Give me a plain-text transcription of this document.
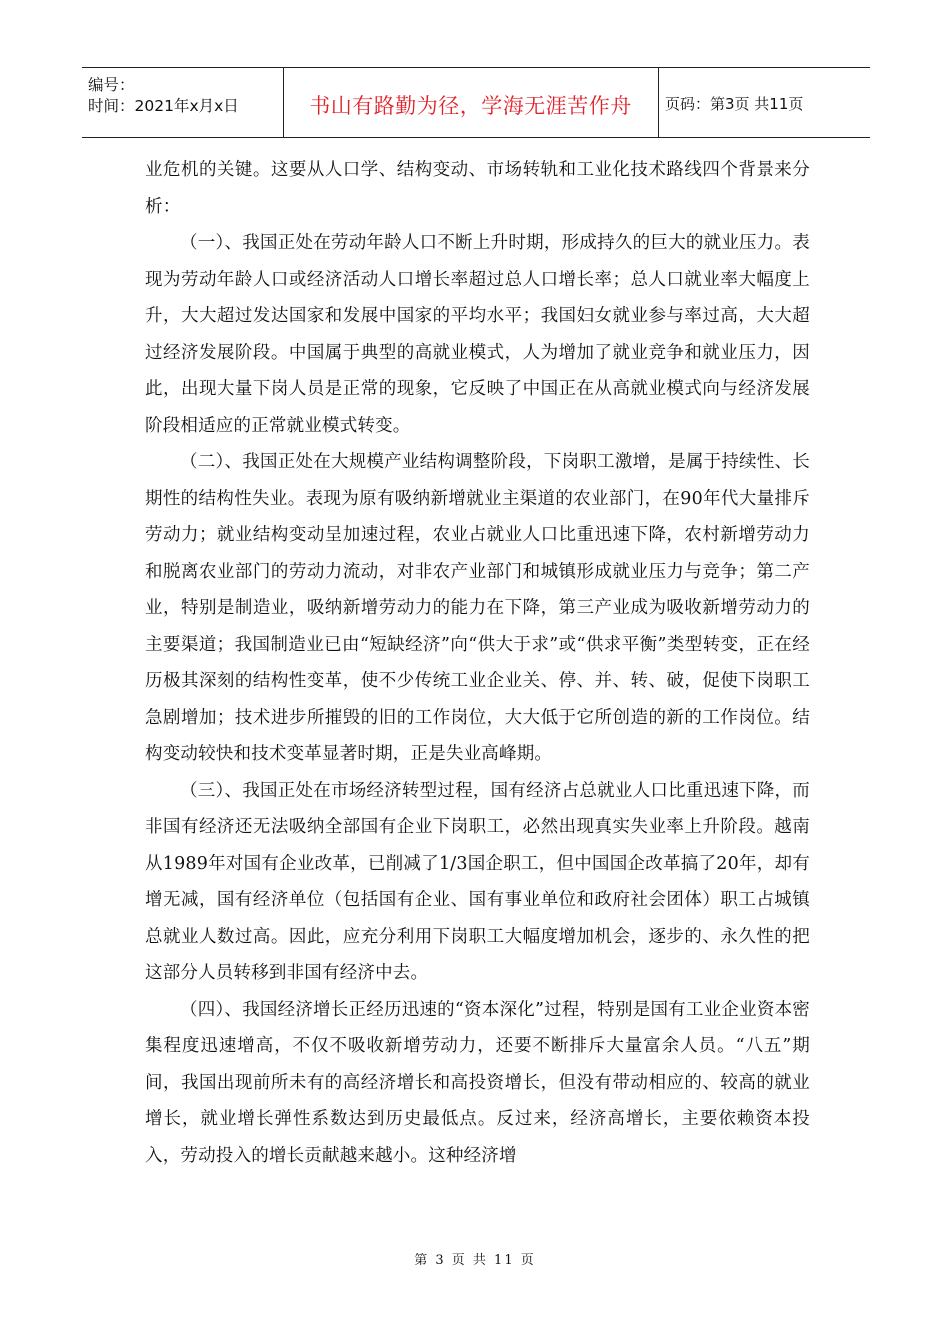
编号：
时间：2021年x月x日	书山有路勤为径，学海无涯苦作舟	页码：第3页 共11页

业危机的关键。这要从人口学、结构变动、市场转轨和工业化技术路线四个背景来分析：

（一）、我国正处在劳动年龄人口不断上升时期，形成持久的巨大的就业压力。表现为劳动年龄人口或经济活动人口增长率超过总人口增长率；总人口就业率大幅度上升，大大超过发达国家和发展中国家的平均水平；我国妇女就业参与率过高，大大超过经济发展阶段。中国属于典型的高就业模式，人为增加了就业竞争和就业压力，因此，出现大量下岗人员是正常的现象，它反映了中国正在从高就业模式向与经济发展阶段相适应的正常就业模式转变。

（二）、我国正处在大规模产业结构调整阶段，下岗职工激增，是属于持续性、长期性的结构性失业。表现为原有吸纳新增就业主渠道的农业部门，在90年代大量排斥劳动力；就业结构变动呈加速过程，农业占就业人口比重迅速下降，农村新增劳动力和脱离农业部门的劳动力流动，对非农产业部门和城镇形成就业压力与竞争；第二产业，特别是制造业，吸纳新增劳动力的能力在下降，第三产业成为吸收新增劳动力的主要渠道；我国制造业已由“短缺经济”向“供大于求”或“供求平衡”类型转变，正在经历极其深刻的结构性变革，使不少传统工业企业关、停、并、转、破，促使下岗职工急剧增加；技术进步所摧毁的旧的工作岗位，大大低于它所创造的新的工作岗位。结构变动较快和技术变革显著时期，正是失业高峰期。

（三）、我国正处在市场经济转型过程，国有经济占总就业人口比重迅速下降，而非国有经济还无法吸纳全部国有企业下岗职工，必然出现真实失业率上升阶段。越南从1989年对国有企业改革，已削减了1/3国企职工，但中国国企改革搞了20年，却有增无减，国有经济单位（包括国有企业、国有事业单位和政府社会团体）职工占城镇总就业人数过高。因此，应充分利用下岗职工大幅度增加机会，逐步的、永久性的把这部分人员转移到非国有经济中去。

（四）、我国经济增长正经历迅速的“资本深化”过程，特别是国有工业企业资本密集程度迅速增高，不仅不吸收新增劳动力，还要不断排斥大量富余人员。“八五”期间，我国出现前所未有的高经济增长和高投资增长，但没有带动相应的、较高的就业增长，就业增长弹性系数达到历史最低点。反过来，经济高增长，主要依赖资本投入，劳动投入的增长贡献越来越小。这种经济增

第 3 页 共 11 页
